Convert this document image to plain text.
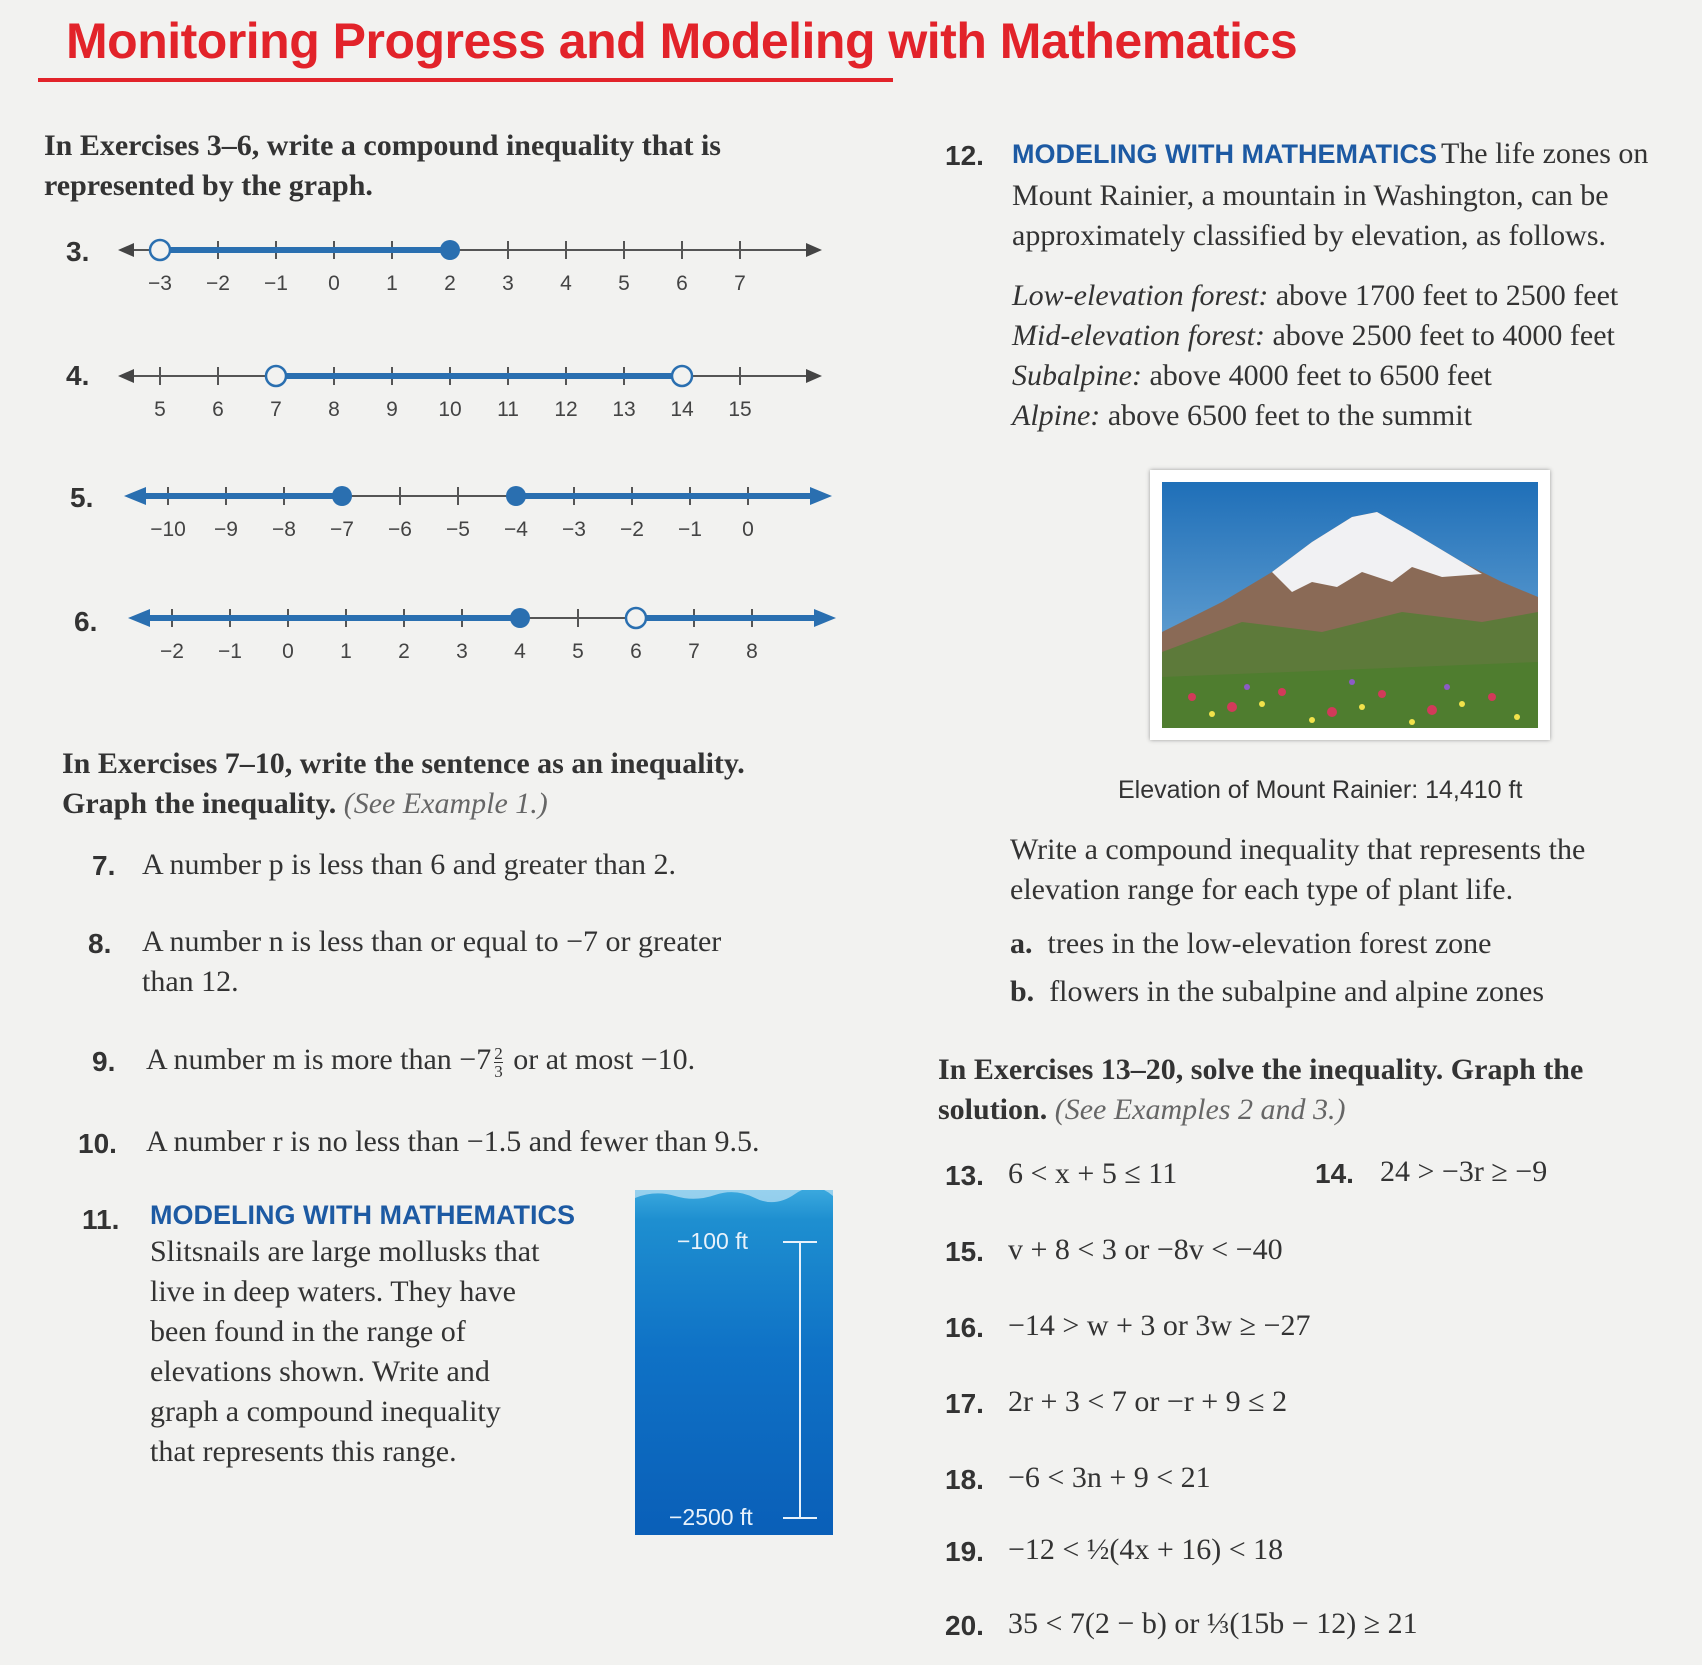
Monitoring Progress and Modeling with Mathematics
In Exercises 3–6, write a compound inequality that is represented by the graph.
3.
−3 −2 −1 0 1 2 3 4 5 6 7
4.
5 6 7 8 9 10 11 12 13 14 15
5.
−10 −9 −8 −7 −6 −5 −4 −3 −2 −1 0
6.
−2 −1 0 1 2 3 4 5 6 7 8
In Exercises 7–10, write the sentence as an inequality.
Graph the inequality. (See Example 1.)
7. A number p is less than 6 and greater than 2.
8. A number n is less than or equal to −7 or greater
than 12.
9. A number m is more than $-7 \frac{2}{3}$ or at most −10.
10. A number r is no less than −1.5 and fewer than 9.5.
11. MODELING WITH MATHEMATICS
Slitsnails are large mollusks that
live in deep waters. They have
been found in the range of
elevations shown. Write and
graph a compound inequality
that represents this range.
−100 ft
−2500 ft
12. MODELING WITH MATHEMATICS The life zones on
Mount Rainier, a mountain in Washington, can be
approximately classified by elevation, as follows.
Low-elevation forest: above 1700 feet to 2500 feet
Mid-elevation forest: above 2500 feet to 4000 feet
Subalpine: above 4000 feet to 6500 feet
Alpine: above 6500 feet to the summit
Elevation of Mount Rainier: 14,410 ft
Write a compound inequality that represents the
elevation range for each type of plant life.
a. trees in the low-elevation forest zone
b. flowers in the subalpine and alpine zones
In Exercises 13–20, solve the inequality. Graph the
solution. (See Examples 2 and 3.)
13. 6 < x + 5 ≤ 11	14. 24 > −3r ≥ −9
15. v + 8 < 3 or −8v < −40
16. −14 > w + 3 or 3w ≥ −27
17. 2r + 3 < 7 or −r + 9 ≤ 2
18. −6 < 3n + 9 < 21
19. −12 < ½(4x + 16) < 18
20. 35 < 7(2 − b) or ⅓(15b − 12) ≥ 21
